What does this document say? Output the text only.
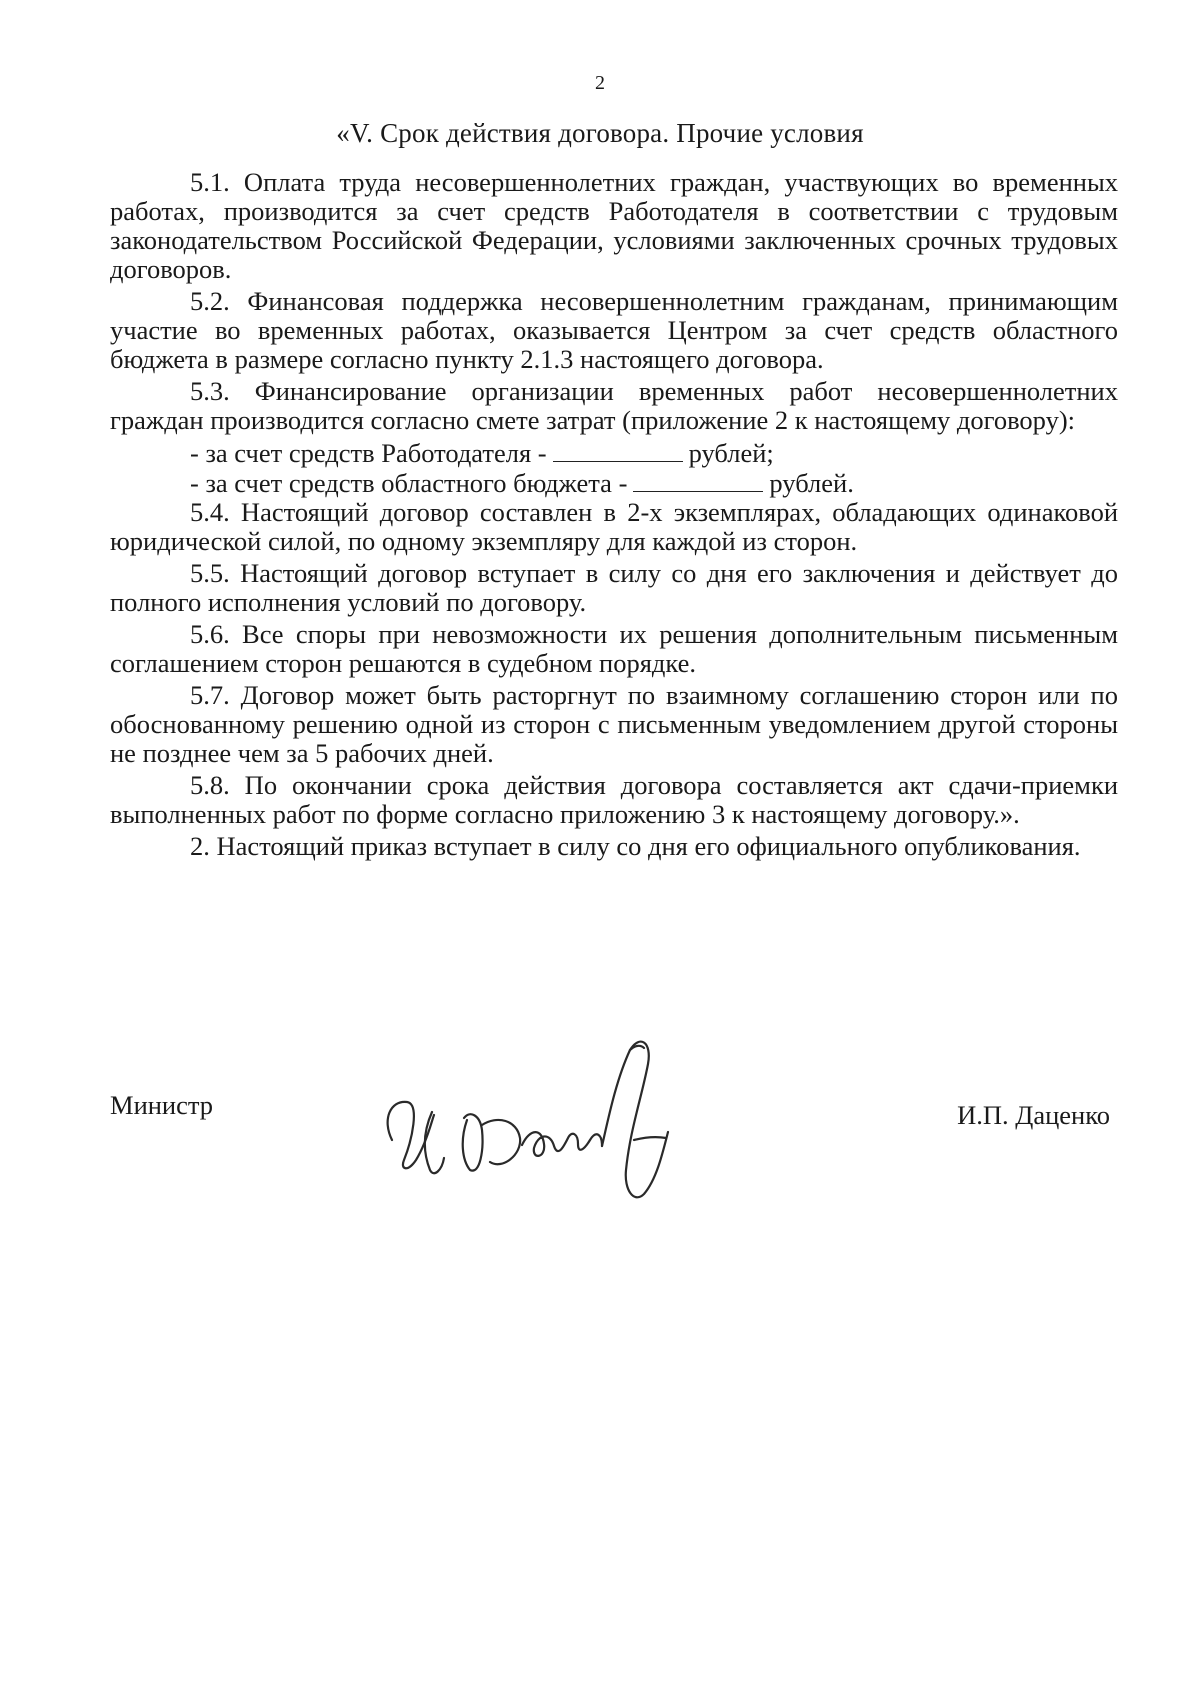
2
«V. Срок действия договора. Прочие условия

5.1. Оплата труда несовершеннолетних граждан, участвующих во временных работах, производится за счет средств Работодателя в соответствии с трудовым законодательством Российской Федерации, условиями заключенных срочных трудовых договоров.

5.2. Финансовая поддержка несовершеннолетним гражданам, принимающим участие во временных работах, оказывается Центром за счет средств областного бюджета в размере согласно пункту 2.1.3 настоящего договора.

5.3. Финансирование организации временных работ несовершеннолетних граждан производится согласно смете затрат (приложение 2 к настоящему договору):

- за счет средств Работодателя -	рублей;

- за счет средств областного бюджета -	рублей.

5.4. Настоящий договор составлен в 2-х экземплярах, обладающих одинаковой юридической силой, по одному экземпляру для каждой из сторон.

5.5. Настоящий договор вступает в силу со дня его заключения и действует до полного исполнения условий по договору.

5.6. Все споры при невозможности их решения дополнительным письменным соглашением сторон решаются в судебном порядке.

5.7. Договор может быть расторгнут по взаимному соглашению сторон или по обоснованному решению одной из сторон с письменным уведомлением другой стороны не позднее чем за 5 рабочих дней.

5.8. По окончании срока действия договора составляется акт сдачи-приемки выполненных работ по форме согласно приложению 3 к настоящему договору.».

2. Настоящий приказ вступает в силу со дня его официального опубликования.

Министр	И.П. Даценко
